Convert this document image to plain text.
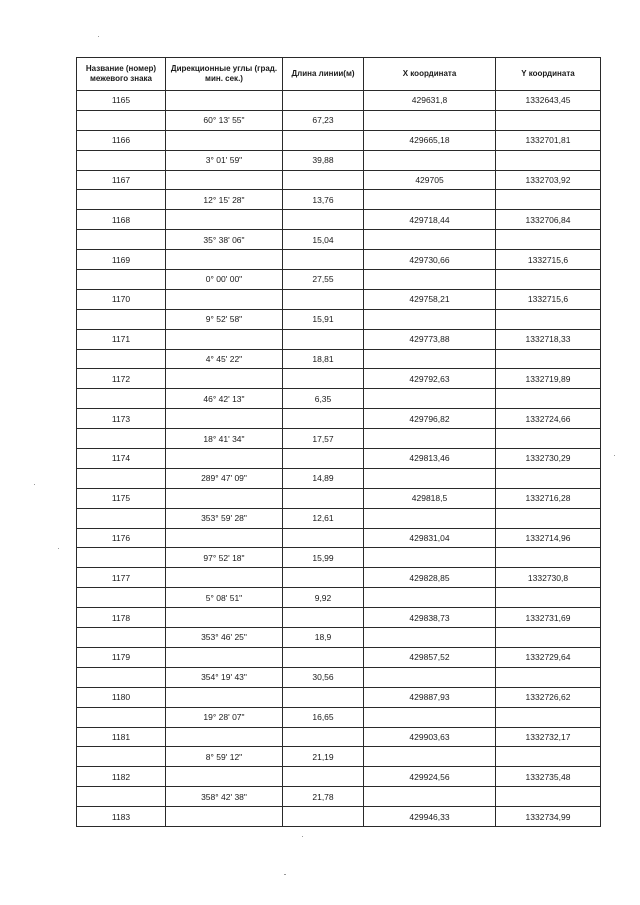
Название (номер) межевого знака	Дирекционные углы (град. мин. сек.)	Длина линии(м)	X координата	Y координата
1165			429631,8	1332643,45
	60° 13' 55"	67,23		
1166			429665,18	1332701,81
	3° 01' 59"	39,88		
1167			429705	1332703,92
	12° 15' 28"	13,76		
1168			429718,44	1332706,84
	35° 38' 06"	15,04		
1169			429730,66	1332715,6
	0° 00' 00"	27,55		
1170			429758,21	1332715,6
	9° 52' 58"	15,91		
1171			429773,88	1332718,33
	4° 45' 22"	18,81		
1172			429792,63	1332719,89
	46° 42' 13"	6,35		
1173			429796,82	1332724,66
	18° 41' 34"	17,57		
1174			429813,46	1332730,29
	289° 47' 09"	14,89		
1175			429818,5	1332716,28
	353° 59' 28"	12,61		
1176			429831,04	1332714,96
	97° 52' 18"	15,99		
1177			429828,85	1332730,8
	5° 08' 51"	9,92		
1178			429838,73	1332731,69
	353° 46' 25"	18,9		
1179			429857,52	1332729,64
	354° 19' 43"	30,56		
1180			429887,93	1332726,62
	19° 28' 07"	16,65		
1181			429903,63	1332732,17
	8° 59' 12"	21,19		
1182			429924,56	1332735,48
	358° 42' 38"	21,78		
1183			429946,33	1332734,99
